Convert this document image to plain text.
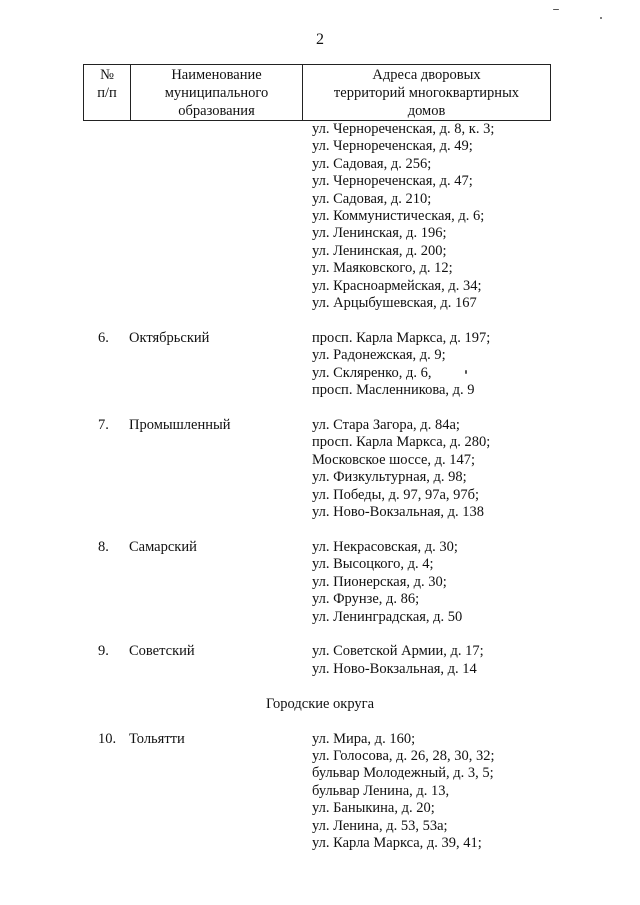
2
№
п/п

Наименование
муниципального
образования

Адреса дворовых
территорий многоквартирных
домов
ул. Чернореченская, д. 8, к. 3;
ул. Чернореченская, д. 49;
ул. Садовая, д. 256;
ул. Чернореченская, д. 47;
ул. Садовая, д. 210;
ул. Коммунистическая, д. 6;
ул. Ленинская, д. 196;
ул. Ленинская, д. 200;
ул. Маяковского, д. 12;
ул. Красноармейская, д. 34;
ул. Арцыбушевская, д. 167
6. Октябрьский	просп. Карла Маркса, д. 197;
ул. Радонежская, д. 9;
ул. Скляренко, д. 6,
просп. Масленникова, д. 9
7. Промышленный	ул. Стара Загора, д. 84а;
просп. Карла Маркса, д. 280;
Московское шоссе, д. 147;
ул. Физкультурная, д. 98;
ул. Победы, д. 97, 97а, 97б;
ул. Ново-Вокзальная, д. 138
8. Самарский	ул. Некрасовская, д. 30;
ул. Высоцкого, д. 4;
ул. Пионерская, д. 30;
ул. Фрунзе, д. 86;
ул. Ленинградская, д. 50
9. Советский	ул. Советской Армии, д. 17;
ул. Ново-Вокзальная, д. 14
Городские округа
10. Тольятти	ул. Мира, д. 160;
ул. Голосова, д. 26, 28, 30, 32;
бульвар Молодежный, д. 3, 5;
бульвар Ленина, д. 13,
ул. Баныкина, д. 20;
ул. Ленина, д. 53, 53а;
ул. Карла Маркса, д. 39, 41;
